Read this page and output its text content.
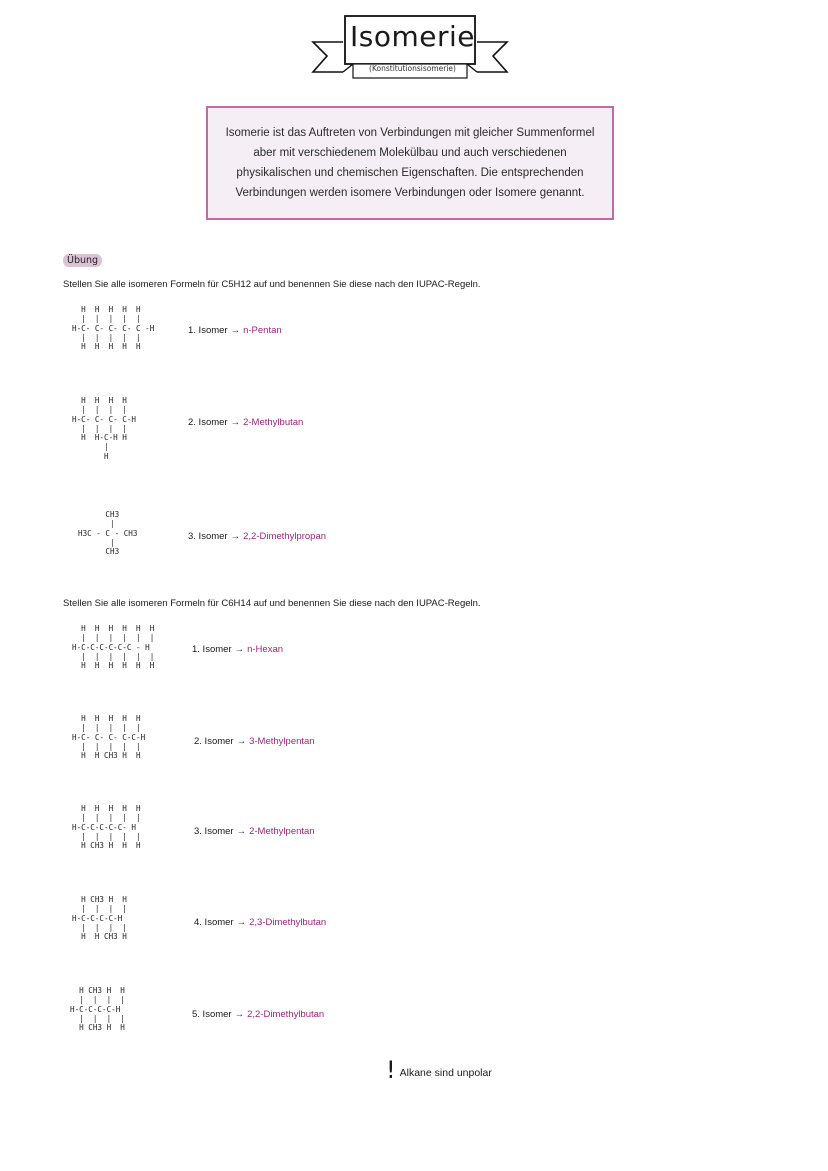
Isomerie
(Konstitutionsisomerie)
Isomerie ist das Auftreten von Verbindungen mit gleicher Summenformel aber mit verschiedenem Molekülbau und auch verschiedenen physikalischen und chemischen Eigenschaften. Die entsprechenden Verbindungen werden isomere Verbindungen oder Isomere genannt.
Übung
Stellen Sie alle isomeren Formeln für C5H12 auf und benennen Sie diese nach den IUPAC-Regeln.
H  H  H  H  H
|  |  |  |  |
H-C- C- C- C- C -H
|  |  |  |  |
H  H  H  H  H
1. Isomer → n-Pentan
H  H  H  H
|  |  |  |
H-C- C- C- C-H
|  |  |  |
H  H-C-H H
|
H
2. Isomer → 2-Methylbutan
CH3
|
H3C - C - CH3
|
CH3
3. Isomer → 2,2-Dimethylpropan
Stellen Sie alle isomeren Formeln für C6H14 auf und benennen Sie diese nach den IUPAC-Regeln.
H  H  H  H  H  H
|  |  |  |  |  |
H-C-C-C-C-C-C - H
|  |  |  |  |  |
H  H  H  H  H  H
1. Isomer → n-Hexan
H  H  H  H  H
|  |  |  |  |
H-C- C- C- C-C-H
|  |  |  |  |
H  H CH3 H  H
2. Isomer → 3-Methylpentan
H  H  H  H  H
|  |  |  |  |
H-C-C-C-C-C- H
|  |  |  |  |
H CH3 H  H  H
3. Isomer → 2-Methylpentan
H CH3 H  H
|  |  |  |
H-C-C-C-C-H
|  |  |  |
H  H CH3 H
4. Isomer → 2,3-Dimethylbutan
H CH3 H  H
|  |  |  |
H-C-C-C-C-H
|  |  |  |
H CH3 H  H
5. Isomer → 2,2-Dimethylbutan
! Alkane sind unpolar
